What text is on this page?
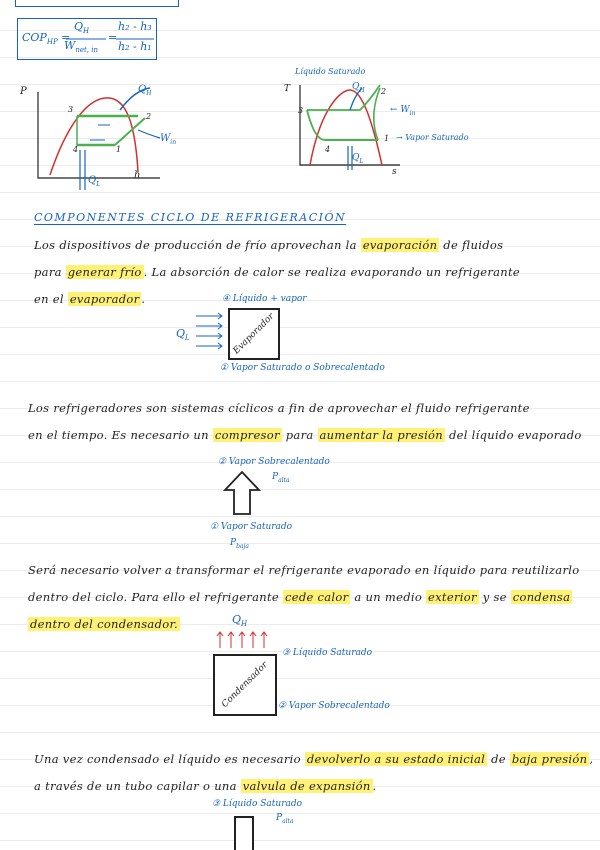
$COP_{HP}$ =
$Q_H$
$W_{net, in}$
=
h₂ - h₃
h₂ - h₁
P
h
3
2
4	1
$Q_H$
$W_{in}$
$Q_L$
T
s
Líquido Saturado
→ Vapor Saturado
3
2
4
1
$Q_H$
← $W_{in}$
$Q_L$
COMPONENTES CICLO DE REFRIGERACIÓN
Los dispositivos de producción de frío aprovechan la evaporación de fluidos
para generar frío . La absorción de calor se realiza evaporando un refrigerante
en el evaporador .	④ Líquido + vapor
Evaporador
$Q_L$
① Vapor Saturado o Sobrecalentado
Los refrigeradores son sistemas cíclicos a fin de aprovechar el fluido refrigerante
en el tiempo. Es necesario un compresor para aumentar la presión del líquido evaporado
② Vapor Sobrecalentado
$P_{alta}$
① Vapor Saturado
$P_{baja}$
Será necesario volver a transformar el refrigerante evaporado en líquido para reutilizarlo
dentro del ciclo. Para ello el refrigerante cede calor a un medio exterior y se condensa
dentro del condensador.	$Q_H$
Condensador
③ Líquido Saturado
② Vapor Sobrecalentado
Una vez condensado el líquido es necesario devolverlo a su estado inicial de baja presión ,
a través de un tubo capilar o una valvula de expansión .
③ Líquido Saturado
$P_{alta}$
